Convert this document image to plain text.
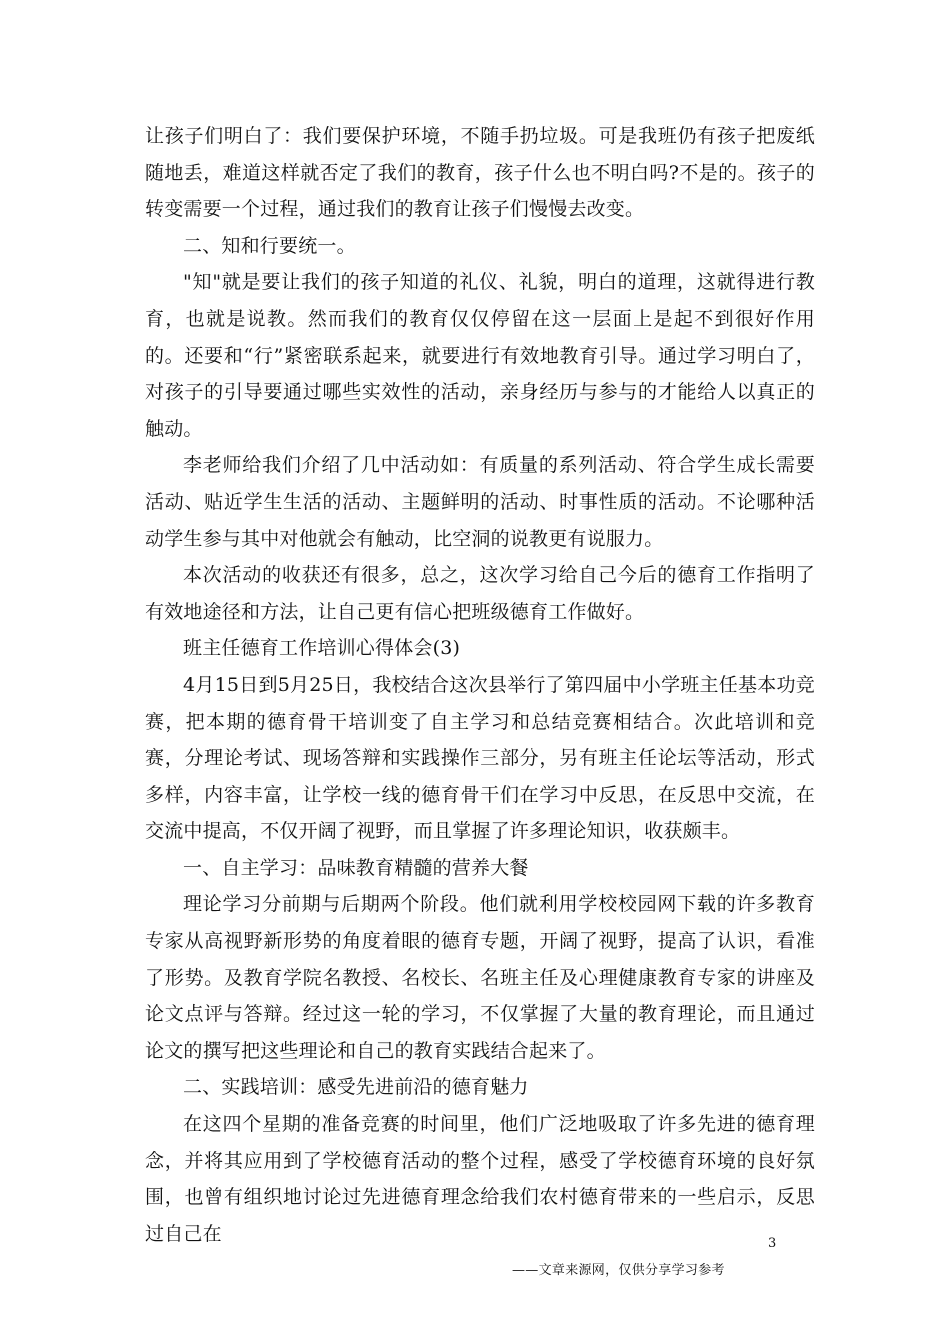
让孩子们明白了：我们要保护环境，不随手扔垃圾。可是我班仍有孩子把废纸随地丢，难道这样就否定了我们的教育，孩子什么也不明白吗?不是的。孩子的转变需要一个过程，通过我们的教育让孩子们慢慢去改变。

二、知和行要统一。

"知"就是要让我们的孩子知道的礼仪、礼貌，明白的道理，这就得进行教育，也就是说教。然而我们的教育仅仅停留在这一层面上是起不到很好作用的。还要和“行”紧密联系起来，就要进行有效地教育引导。通过学习明白了，对孩子的引导要通过哪些实效性的活动，亲身经历与参与的才能给人以真正的触动。

李老师给我们介绍了几中活动如：有质量的系列活动、符合学生成长需要活动、贴近学生生活的活动、主题鲜明的活动、时事性质的活动。不论哪种活动学生参与其中对他就会有触动，比空洞的说教更有说服力。

本次活动的收获还有很多，总之，这次学习给自己今后的德育工作指明了有效地途径和方法，让自己更有信心把班级德育工作做好。

班主任德育工作培训心得体会(3)

4月15日到5月25日，我校结合这次县举行了第四届中小学班主任基本功竞赛，把本期的德育骨干培训变了自主学习和总结竞赛相结合。次此培训和竞赛，分理论考试、现场答辩和实践操作三部分，另有班主任论坛等活动，形式多样，内容丰富，让学校一线的德育骨干们在学习中反思，在反思中交流，在交流中提高，不仅开阔了视野，而且掌握了许多理论知识，收获颇丰。

一、自主学习：品味教育精髓的营养大餐

理论学习分前期与后期两个阶段。他们就利用学校校园网下载的许多教育专家从高视野新形势的角度着眼的德育专题，开阔了视野，提高了认识，看准了形势。及教育学院名教授、名校长、名班主任及心理健康教育专家的讲座及论文点评与答辩。经过这一轮的学习，不仅掌握了大量的教育理论，而且通过论文的撰写把这些理论和自己的教育实践结合起来了。

二、实践培训：感受先进前沿的德育魅力

在这四个星期的准备竞赛的时间里，他们广泛地吸取了许多先进的德育理念，并将其应用到了学校德育活动的整个过程，感受了学校德育环境的良好氛围，也曾有组织地讨论过先进德育理念给我们农村德育带来的一些启示，反思过自己在	3
——文章来源网，仅供分享学习参考
